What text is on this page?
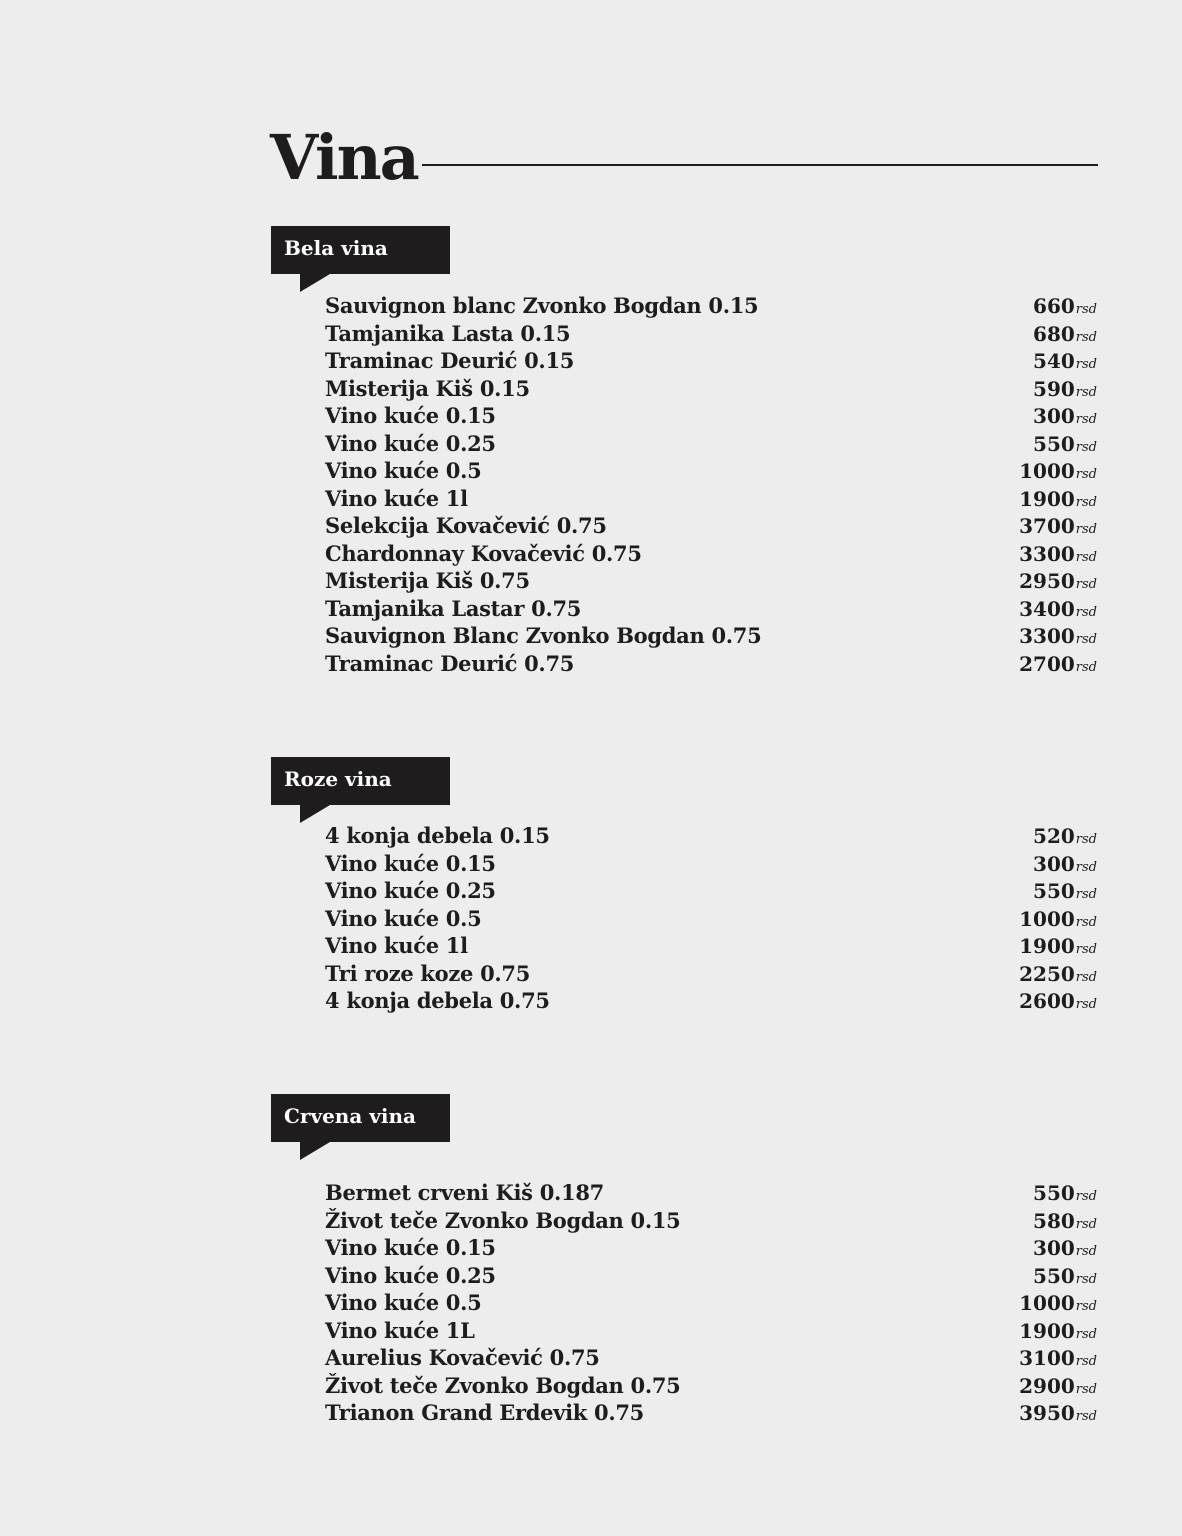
Vina
Bela vina
Sauvignon blanc Zvonko Bogdan 0.15	660rsd
Tamjanika Lasta 0.15	680rsd
Traminac Deurić 0.15	540rsd
Misterija Kiš 0.15	590rsd
Vino kuće 0.15	300rsd
Vino kuće 0.25	550rsd
Vino kuće 0.5	1000rsd
Vino kuće 1l	1900rsd
Selekcija Kovačević 0.75	3700rsd
Chardonnay Kovačević 0.75	3300rsd
Misterija Kiš 0.75	2950rsd
Tamjanika Lastar 0.75	3400rsd
Sauvignon Blanc Zvonko Bogdan 0.75	3300rsd
Traminac Deurić 0.75	2700rsd
Roze vina
4 konja debela 0.15	520rsd
Vino kuće 0.15	300rsd
Vino kuće 0.25	550rsd
Vino kuće 0.5	1000rsd
Vino kuće 1l	1900rsd
Tri roze koze 0.75	2250rsd
4 konja debela 0.75	2600rsd
Crvena vina
Bermet crveni Kiš 0.187	550rsd
Život teče Zvonko Bogdan 0.15	580rsd
Vino kuće 0.15	300rsd
Vino kuće 0.25	550rsd
Vino kuće 0.5	1000rsd
Vino kuće 1L	1900rsd
Aurelius Kovačević 0.75	3100rsd
Život teče Zvonko Bogdan 0.75	2900rsd
Trianon Grand Erdevik 0.75	3950rsd
